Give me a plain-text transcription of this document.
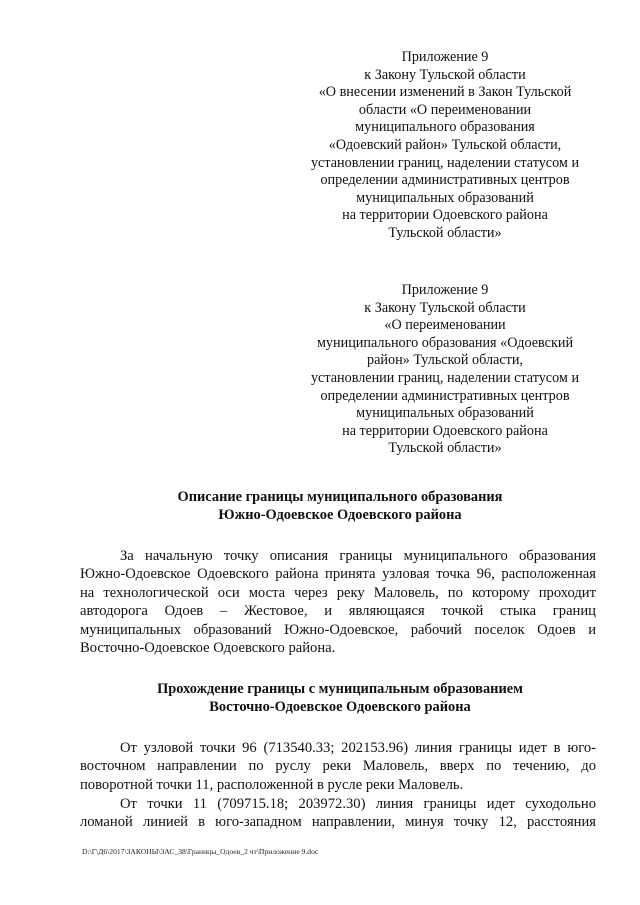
Приложение 9
к Закону Тульской области
«О внесении изменений в Закон Тульской
области «О переименовании
муниципального образования
«Одоевский район» Тульской области,
установлении границ, наделении статусом и
определении административных центров
муниципальных образований
на территории Одоевского района
Тульской области»
Приложение 9
к Закону Тульской области
«О переименовании
муниципального образования «Одоевский
район» Тульской области,
установлении границ, наделении статусом и
определении административных центров
муниципальных образований
на территории Одоевского района
Тульской области»
Описание границы муниципального образования
Южно-Одоевское Одоевского района
За начальную точку описания границы муниципального образования
Южно-Одоевское Одоевского района принята узловая точка 96, расположенная
на технологической оси моста через реку Маловель, по которому проходит
автодорога Одоев – Жестовое, и являющаяся точкой стыка границ
муниципальных образований Южно-Одоевское, рабочий поселок Одоев и
Восточно-Одоевское Одоевского района.
Прохождение границы с муниципальным образованием
Восточно-Одоевское Одоевского района
От узловой точки 96 (713540.33; 202153.96) линия границы идет в юго-
восточном направлении по руслу реки Маловель, вверх по течению, до
поворотной точки 11, расположенной в русле реки Маловель.
От точки 11 (709715.18; 203972.30) линия границы идет суходольно
ломаной линией в юго-западном направлении, минуя точку 12, расстояния
D:\Г\Д6\2017\ЗАКОНЫ\ЗАС_38\Границы_Одоев_2 чт\Приложение 9.doc
